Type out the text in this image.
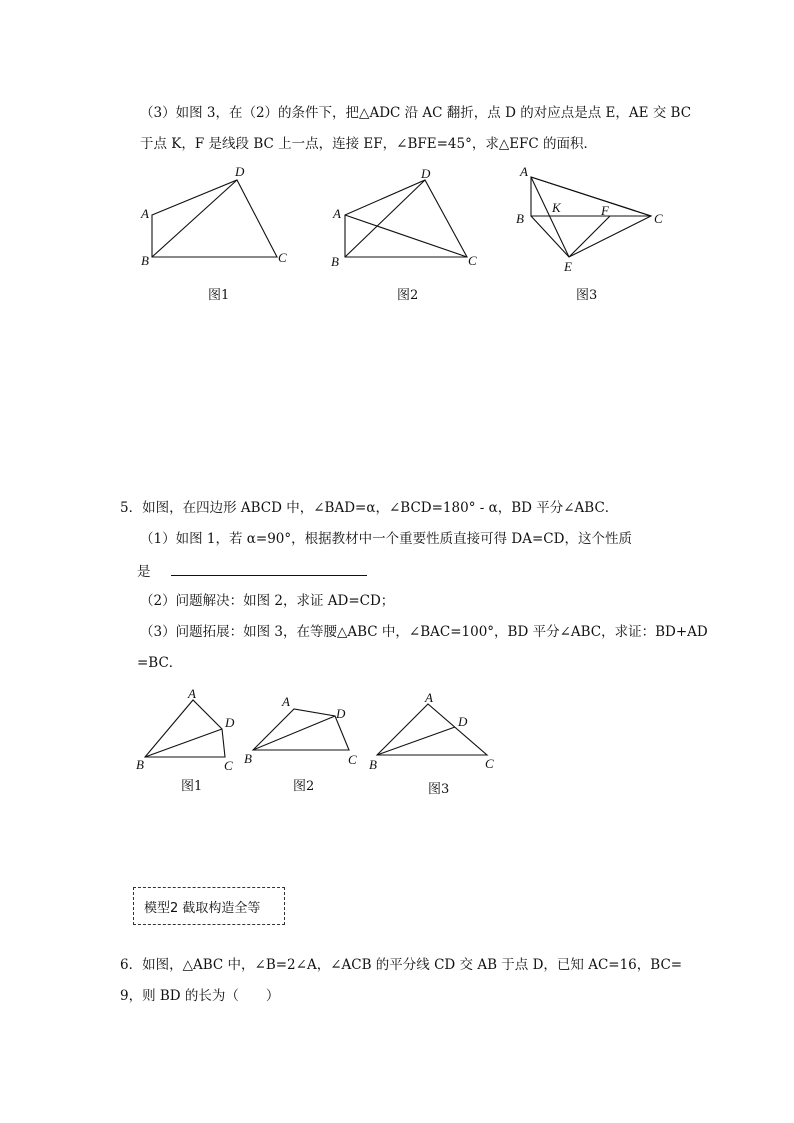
（3）如图 3，在（2）的条件下，把△ADC 沿 AC 翻折，点 D 的对应点是点 E，AE 交 BC
于点 K，F 是线段 BC 上一点，连接 EF，∠BFE=45°，求△EFC 的面积．
A
B	C
D
图1
A
B	C
D
图2
A
B	C
K	F
E
图3
5．如图，在四边形 ABCD 中，∠BAD=α，∠BCD=180° - α，BD 平分∠ABC．
（1）如图 1，若 α=90°，根据教材中一个重要性质直接可得 DA=CD，这个性质
是
（2）问题解决：如图 2，求证 AD=CD；
（3）问题拓展：如图 3，在等腰△ABC 中，∠BAC=100°，BD 平分∠ABC，求证：BD+AD
=BC．
A
D
B	C
图1
A
D
B	C
图2
A
D
B	C
图3
模型2 截取构造全等
6．如图，△ABC 中，∠B=2∠A，∠ACB 的平分线 CD 交 AB 于点 D，已知 AC=16，BC=
9，则 BD 的长为（　　）
